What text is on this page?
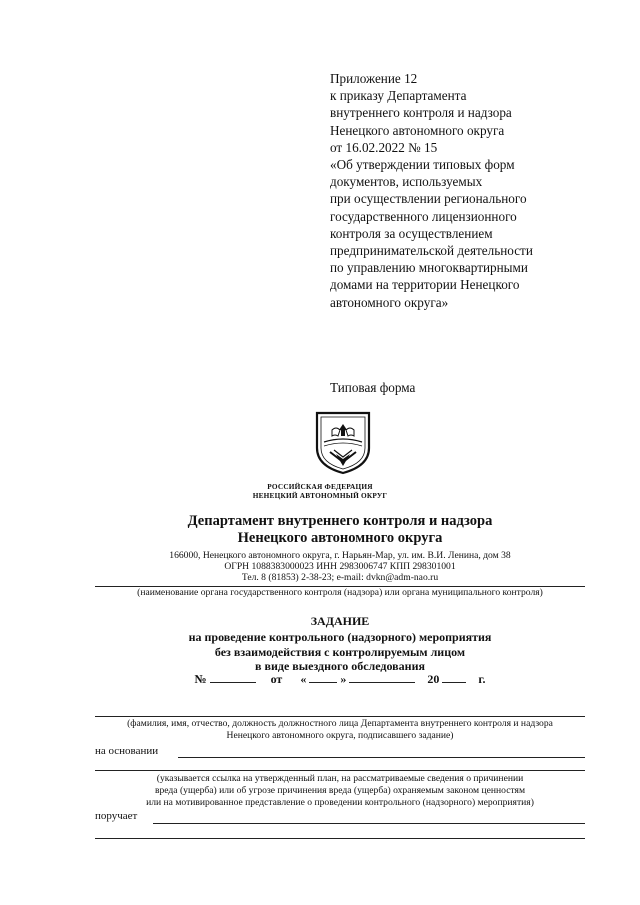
Приложение 12
к приказу Департамента
внутреннего контроля и надзора
Ненецкого автономного округа
от 16.02.2022 № 15
«Об утверждении типовых форм
документов, используемых
при осуществлении регионального
государственного лицензионного
контроля за осуществлением
предпринимательской деятельности
по управлению многоквартирными
домами на территории Ненецкого
автономного округа»
Типовая форма
РОССИЙСКАЯ ФЕДЕРАЦИЯ
НЕНЕЦКИЙ АВТОНОМНЫЙ ОКРУГ
Департамент внутреннего контроля и надзора
Ненецкого автономного округа
166000, Ненецкого автономного округа, г. Нарьян-Мар, ул. им. В.И. Ленина, дом 38
ОГРН 1088383000023 ИНН 2983006747 КПП 298301001
Тел. 8 (81853) 2-38-23; e-mail: dvkn@adm-nao.ru
(наименование органа государственного контроля (надзора) или органа муниципального контроля)
ЗАДАНИЕ
на проведение контрольного (надзорного) мероприятия
без взаимодействия с контролируемым лицом
в виде выездного обследования
№	от «	»	20	г.
(фамилия, имя, отчество, должность должностного лица Департамента внутреннего контроля и надзора
Ненецкого автономного округа, подписавшего задание)
на основании
(указывается ссылка на утвержденный план, на рассматриваемые сведения о причинении
вреда (ущерба) или об угрозе причинения вреда (ущерба) охраняемым законом ценностям
или на мотивированное представление о проведении контрольного (надзорного) мероприятия)
поручает
